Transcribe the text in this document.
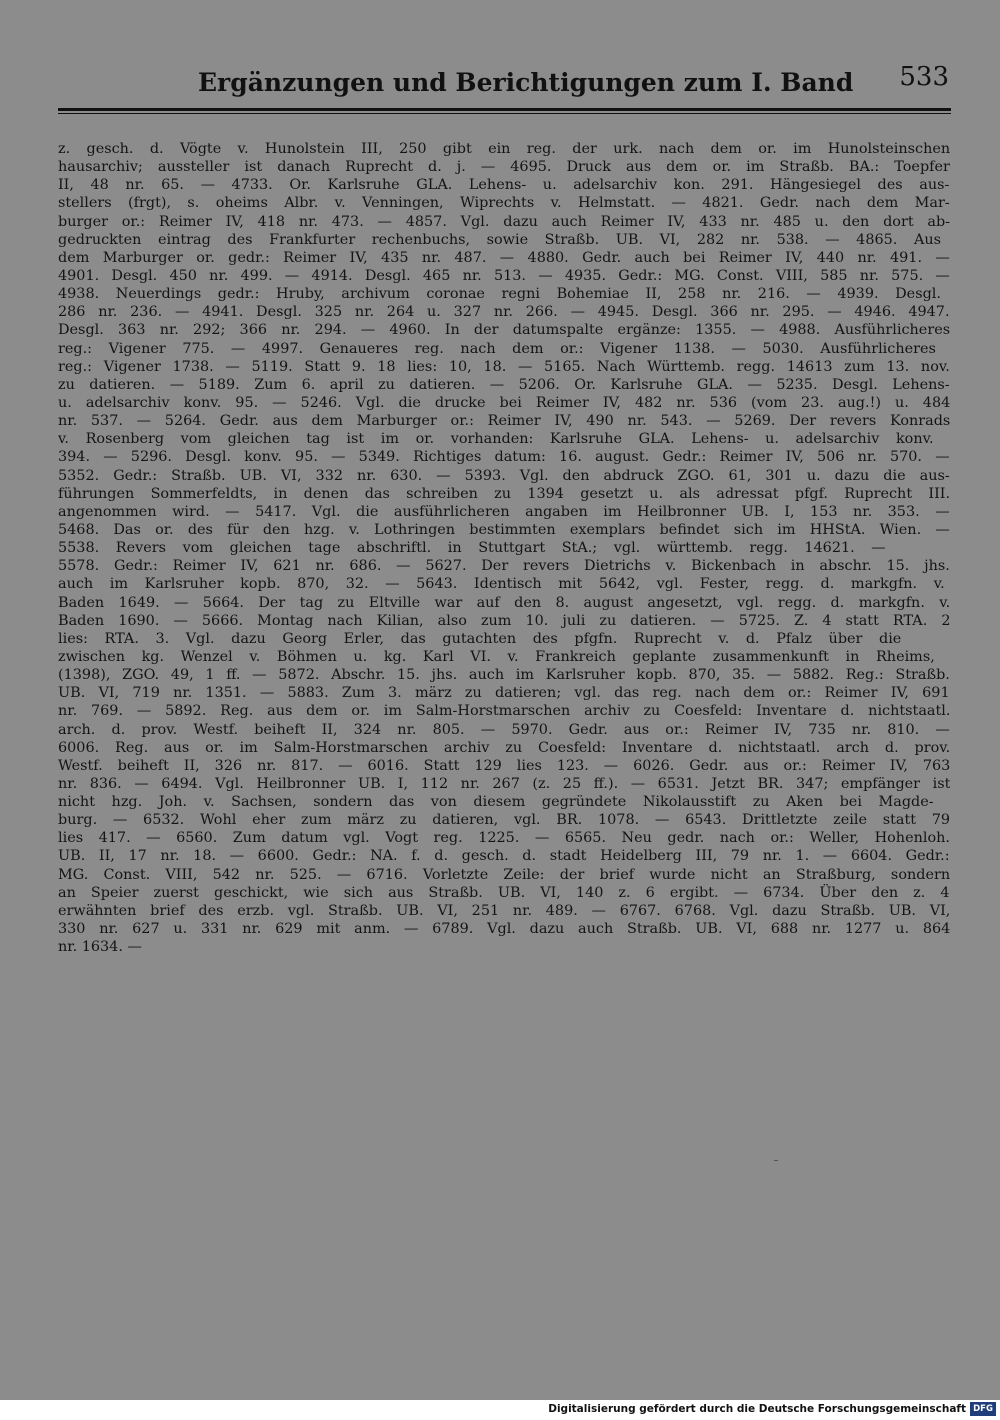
Ergänzungen und Berichtigungen zum I. Band 533
z. gesch. d. Vögte v. Hunolstein III, 250 gibt ein reg. der urk. nach dem or. im Hunolsteinschen
hausarchiv; aussteller ist danach Ruprecht d. j. — 4695. Druck aus dem or. im Straßb. BA.: Toepfer
II, 48 nr. 65. — 4733. Or. Karlsruhe GLA. Lehens- u. adelsarchiv kon. 291. Hängesiegel des aus-
stellers (frgt), s. oheims Albr. v. Venningen, Wiprechts v. Helmstatt. — 4821. Gedr. nach dem Mar-
burger or.: Reimer IV, 418 nr. 473. — 4857. Vgl. dazu auch Reimer IV, 433 nr. 485 u. den dort ab-
gedruckten eintrag des Frankfurter rechenbuchs, sowie Straßb. UB. VI, 282 nr. 538. — 4865. Aus
dem Marburger or. gedr.: Reimer IV, 435 nr. 487. — 4880. Gedr. auch bei Reimer IV, 440 nr. 491. —
4901. Desgl. 450 nr. 499. — 4914. Desgl. 465 nr. 513. — 4935. Gedr.: MG. Const. VIII, 585 nr. 575. —
4938. Neuerdings gedr.: Hruby, archivum coronae regni Bohemiae II, 258 nr. 216. — 4939. Desgl.
286 nr. 236. — 4941. Desgl. 325 nr. 264 u. 327 nr. 266. — 4945. Desgl. 366 nr. 295. — 4946. 4947.
Desgl. 363 nr. 292; 366 nr. 294. — 4960. In der datumspalte ergänze: 1355. — 4988. Ausführlicheres
reg.: Vigener 775. — 4997. Genaueres reg. nach dem or.: Vigener 1138. — 5030. Ausführlicheres
reg.: Vigener 1738. — 5119. Statt 9. 18 lies: 10, 18. — 5165. Nach Württemb. regg. 14613 zum 13. nov.
zu datieren. — 5189. Zum 6. april zu datieren. — 5206. Or. Karlsruhe GLA. — 5235. Desgl. Lehens-
u. adelsarchiv konv. 95. — 5246. Vgl. die drucke bei Reimer IV, 482 nr. 536 (vom 23. aug.!) u. 484
nr. 537. — 5264. Gedr. aus dem Marburger or.: Reimer IV, 490 nr. 543. — 5269. Der revers Konrads
v. Rosenberg vom gleichen tag ist im or. vorhanden: Karlsruhe GLA. Lehens- u. adelsarchiv konv.
394. — 5296. Desgl. konv. 95. — 5349. Richtiges datum: 16. august. Gedr.: Reimer IV, 506 nr. 570. —
5352. Gedr.: Straßb. UB. VI, 332 nr. 630. — 5393. Vgl. den abdruck ZGO. 61, 301 u. dazu die aus-
führungen Sommerfeldts, in denen das schreiben zu 1394 gesetzt u. als adressat pfgf. Ruprecht III.
angenommen wird. — 5417. Vgl. die ausführlicheren angaben im Heilbronner UB. I, 153 nr. 353. —
5468. Das or. des für den hzg. v. Lothringen bestimmten exemplars befindet sich im HHStA. Wien. —
5538. Revers vom gleichen tage abschriftl. in Stuttgart StA.; vgl. württemb. regg. 14621. —
5578. Gedr.: Reimer IV, 621 nr. 686. — 5627. Der revers Dietrichs v. Bickenbach in abschr. 15. jhs.
auch im Karlsruher kopb. 870, 32. — 5643. Identisch mit 5642, vgl. Fester, regg. d. markgfn. v.
Baden 1649. — 5664. Der tag zu Eltville war auf den 8. august angesetzt, vgl. regg. d. markgfn. v.
Baden 1690. — 5666. Montag nach Kilian, also zum 10. juli zu datieren. — 5725. Z. 4 statt RTA. 2
lies: RTA. 3. Vgl. dazu Georg Erler, das gutachten des pfgfn. Ruprecht v. d. Pfalz über die
zwischen kg. Wenzel v. Böhmen u. kg. Karl VI. v. Frankreich geplante zusammenkunft in Rheims,
(1398), ZGO. 49, 1 ff. — 5872. Abschr. 15. jhs. auch im Karlsruher kopb. 870, 35. — 5882. Reg.: Straßb.
UB. VI, 719 nr. 1351. — 5883. Zum 3. märz zu datieren; vgl. das reg. nach dem or.: Reimer IV, 691
nr. 769. — 5892. Reg. aus dem or. im Salm-Horstmarschen archiv zu Coesfeld: Inventare d. nichtstaatl.
arch. d. prov. Westf. beiheft II, 324 nr. 805. — 5970. Gedr. aus or.: Reimer IV, 735 nr. 810. —
6006. Reg. aus or. im Salm-Horstmarschen archiv zu Coesfeld: Inventare d. nichtstaatl. arch d. prov.
Westf. beiheft II, 326 nr. 817. — 6016. Statt 129 lies 123. — 6026. Gedr. aus or.: Reimer IV, 763
nr. 836. — 6494. Vgl. Heilbronner UB. I, 112 nr. 267 (z. 25 ff.). — 6531. Jetzt BR. 347; empfänger ist
nicht hzg. Joh. v. Sachsen, sondern das von diesem gegründete Nikolausstift zu Aken bei Magde-
burg. — 6532. Wohl eher zum märz zu datieren, vgl. BR. 1078. — 6543. Drittletzte zeile statt 79
lies 417. — 6560. Zum datum vgl. Vogt reg. 1225. — 6565. Neu gedr. nach or.: Weller, Hohenloh.
UB. II, 17 nr. 18. — 6600. Gedr.: NA. f. d. gesch. d. stadt Heidelberg III, 79 nr. 1. — 6604. Gedr.:
MG. Const. VIII, 542 nr. 525. — 6716. Vorletzte Zeile: der brief wurde nicht an Straßburg, sondern
an Speier zuerst geschickt, wie sich aus Straßb. UB. VI, 140 z. 6 ergibt. — 6734. Über den z. 4
erwähnten brief des erzb. vgl. Straßb. UB. VI, 251 nr. 489. — 6767. 6768. Vgl. dazu Straßb. UB. VI,
330 nr. 627 u. 331 nr. 629 mit anm. — 6789. Vgl. dazu auch Straßb. UB. VI, 688 nr. 1277 u. 864
nr. 1634. —
Digitalisierung gefördert durch die Deutsche Forschungsgemeinschaft DFG
